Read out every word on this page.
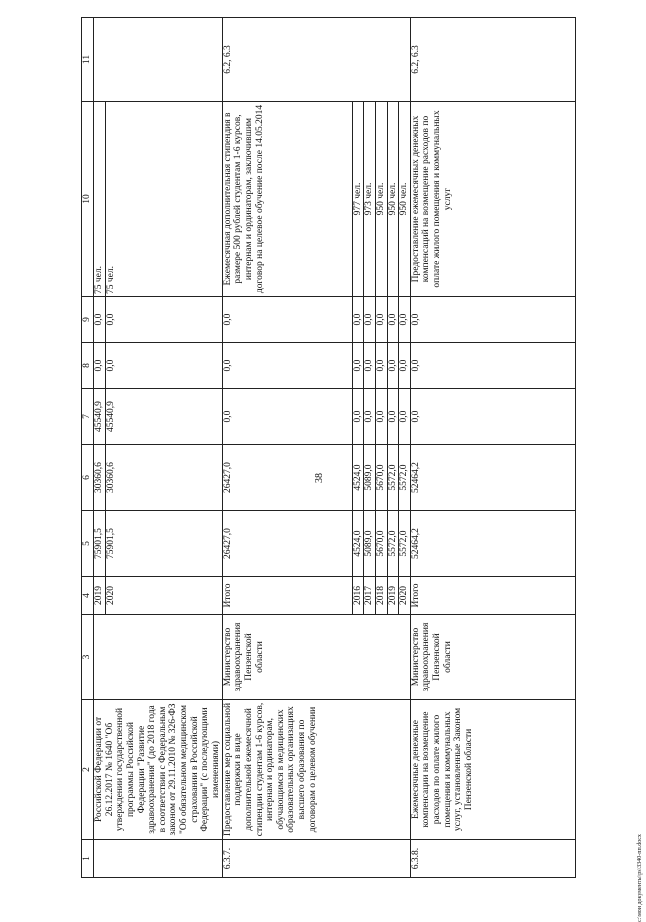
38
c:\мои документы\ps\3340-пп.docx
1	2	3	4	5	6	7	8	9	10	11
	Российской Федерации от 26.12.2017 № 1640 "Об утверждении государственной программы Российской Федерации "Развитие здравоохранения" (до 2018 года в соответствии с Федеральным законом от 29.11.2010 № 326-ФЗ "Об обязательном медицинском страховании в Российской Федерации" (с последующими изменениями)		2019	75901,5	30360,6	45540,9	0,0	0,0	75 чел.	
			2020	75901,5	30360,6	45540,9	0,0	0,0	75 чел.	
6.3.7.	Предоставление мер социальной поддержки в виде дополнительной ежемесячной стипендии студентам 1-6 курсов, интернам и ординаторам, обучающимся в медицинских образовательных организациях высшего образования по договорам о целевом обучении	Министерство здравоохранения Пензенской области	Итого	26427,0	26427,0	0,0	0,0	0,0	Ежемесячная дополнительная стипендия в размере 500 рублей студентам 1-6 курсов, интернам и ординаторам, заключившим договор на целевое обучение после 14.05.2014	6.2, 6.3
			2016	4524,0	4524,0	0,0	0,0	0,0	977 чел.	
			2017	5089,0	5089,0	0,0	0,0	0,0	973 чел.	
			2018	5670,0	5670,0	0,0	0,0	0,0	950 чел.	
			2019	5572,0	5572,0	0,0	0,0	0,0	950 чел.	
			2020	5572,0	5572,0	0,0	0,0	0,0	950 чел.	
6.3.8.	Ежемесячные денежные компенсации на возмещение расходов по оплате жилого помещения и коммунальных услуг, установленные Законом Пензенской области	Министерство здравоохранения Пензенской области	Итого	52464,2	52464,2	0,0	0,0	0,0	Предоставление ежемесячных денежных компенсаций на возмещение расходов по оплате жилого помещения и коммунальных услуг	6.2, 6.3
